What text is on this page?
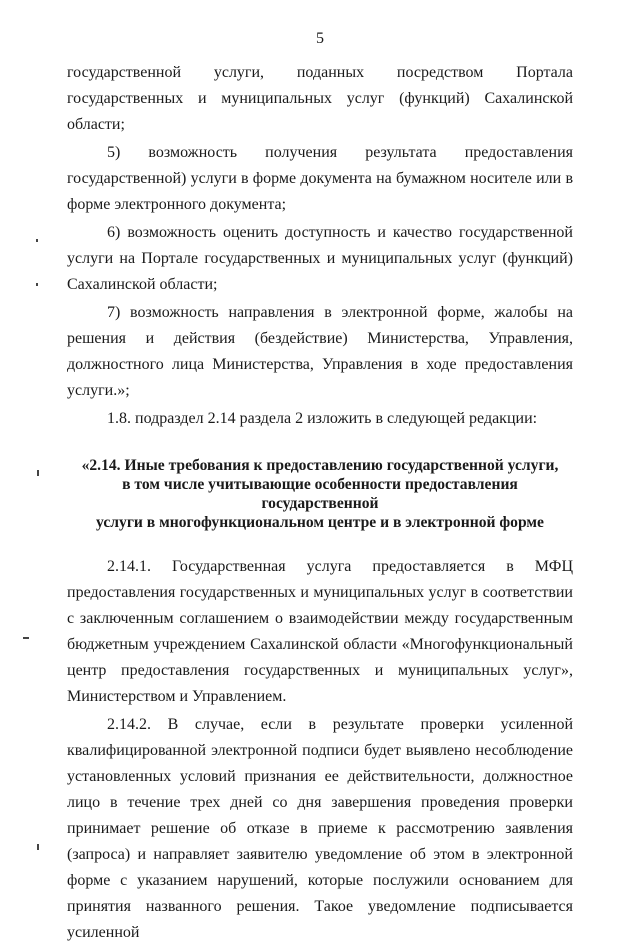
5

государственной услуги, поданных посредством Портала государственных и муниципальных услуг (функций) Сахалинской области;

5) возможность получения результата предоставления государственной) услуги в форме документа на бумажном носителе или в форме электронного документа;

6) возможность оценить доступность и качество государственной услуги на Портале государственных и муниципальных услуг (функций) Сахалинской области;

7) возможность направления в электронной форме, жалобы на решения и действия (бездействие) Министерства, Управления, должностного лица Министерства, Управления в ходе предоставления услуги.»;

1.8. подраздел 2.14 раздела 2 изложить в следующей редакции:

«2.14. Иные требования к предоставлению государственной услуги,
в том числе учитывающие особенности предоставления государственной
услуги в многофункциональном центре и в электронной форме

2.14.1. Государственная услуга предоставляется в МФЦ предоставления государственных и муниципальных услуг в соответствии с заключенным соглашением о взаимодействии между государственным бюджетным учреждением Сахалинской области «Многофункциональный центр предоставления государственных и муниципальных услуг», Министерством и Управлением.

2.14.2. В случае, если в результате проверки усиленной квалифицированной электронной подписи будет выявлено несоблюдение установленных условий признания ее действительности, должностное лицо в течение трех дней со дня завершения проведения проверки принимает решение об отказе в приеме к рассмотрению заявления (запроса) и направляет заявителю уведомление об этом в электронной форме с указанием нарушений, которые послужили основанием для принятия названного решения. Такое уведомление подписывается усиленной
